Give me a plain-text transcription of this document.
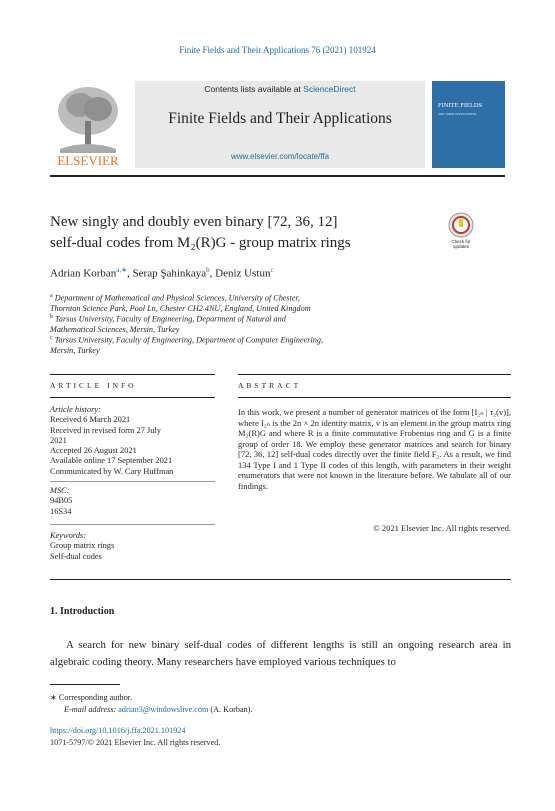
Finite Fields and Their Applications 76 (2021) 101924
ELSEVIER
Contents lists available at ScienceDirect
Finite Fields and Their Applications
www.elsevier.com/locate/ffa
FINITE FIELDS
AND THEIR APPLICATIONS
New singly and doubly even binary [72, 36, 12]
self-dual codes from M₂(R)G - group matrix rings	Check for updates
Adrian Korban$^{a,∗}$, Serap Şahinkaya$^b$, Deniz Ustun$^c$
$^a$ Department of Mathematical and Physical Sciences, University of Chester,
Thornton Science Park, Pool Ln, Chester CH2 4NU, England, United Kingdom
$^b$ Tarsus University, Faculty of Engineering, Department of Natural and
Mathematical Sciences, Mersin, Turkey
$^c$ Tarsus University, Faculty of Engineering, Department of Computer Engineering,
Mersin, Turkey
ARTICLE INFO
Article history:
Received 6 March 2021
Received in revised form 27 July
2021
Accepted 26 August 2021
Available online 17 September 2021
Communicated by W. Cary Huffman
MSC:
94B05
16S34
Keywords:
Group matrix rings
Self-dual codes
ABSTRACT
In this work, we present a number of generator matrices of the form [I₂ₙ | τ₂(v)], where I₂ₙ is the 2n × 2n identity matrix, v is an element in the group matrix ring M₂(R)G and where R is a finite commutative Frobenius ring and G is a finite group of order 18. We employ these generator matrices and search for binary [72, 36, 12] self-dual codes directly over the finite field F₂. As a result, we find 134 Type I and 1 Type II codes of this length, with parameters in their weight enumerators that were not known in the literature before. We tabulate all of our findings.
© 2021 Elsevier Inc. All rights reserved.
1. Introduction
A search for new binary self-dual codes of different lengths is still an ongoing research area in algebraic coding theory. Many researchers have employed various techniques to
∗ Corresponding author.
E-mail address: adrian3@windowslive.com (A. Korban).
https://doi.org/10.1016/j.ffa.2021.101924
1071-5797/© 2021 Elsevier Inc. All rights reserved.
